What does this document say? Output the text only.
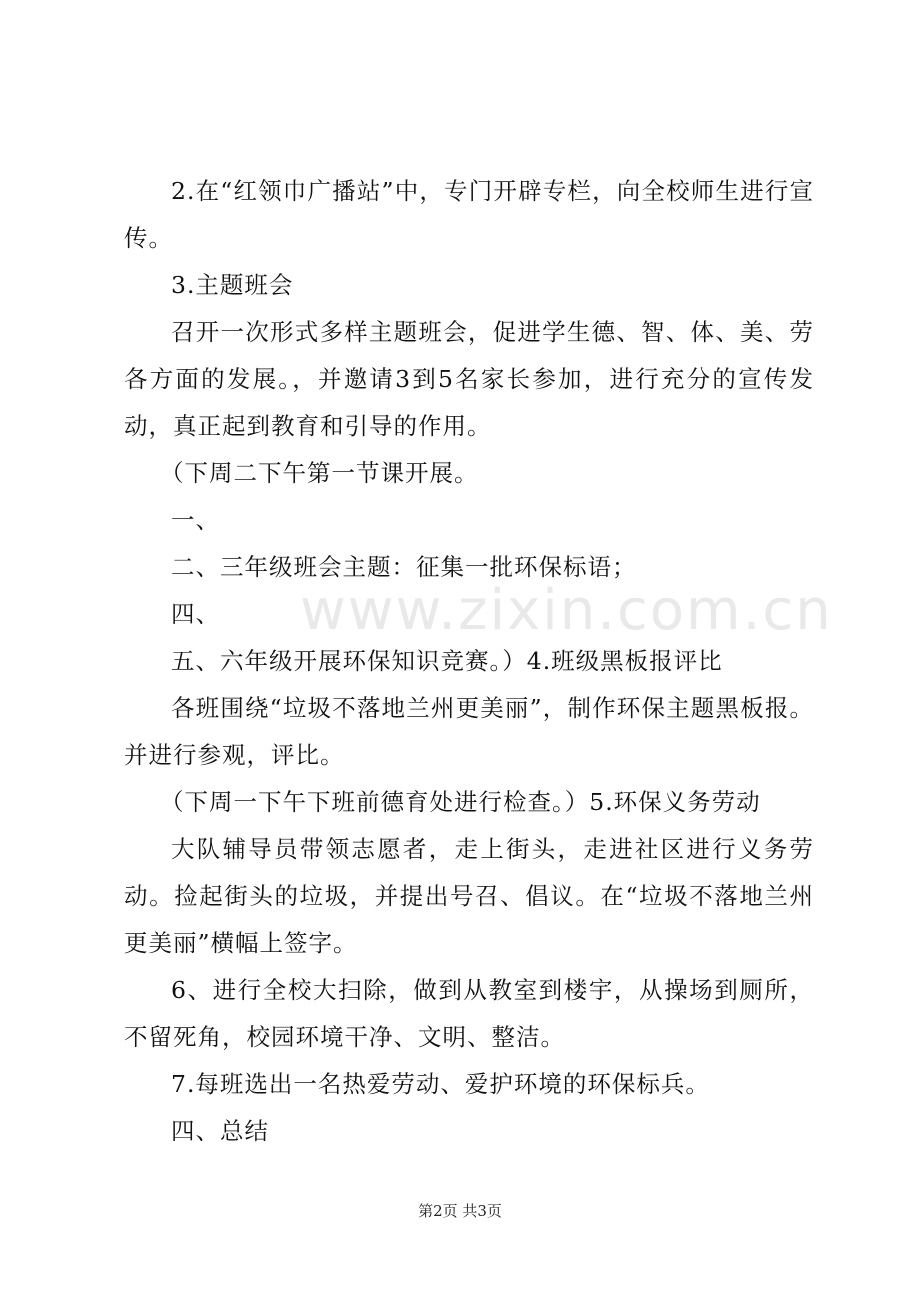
www.zixin.com.cn

2.在“红领巾广播站”中，专门开辟专栏，向全校师生进行宣传。

3.主题班会

召开一次形式多样主题班会，促进学生德、智、体、美、劳各方面的发展。，并邀请3到5名家长参加，进行充分的宣传发动，真正起到教育和引导的作用。

（下周二下午第一节课开展。

一、

二、三年级班会主题：征集一批环保标语；

四、

五、六年级开展环保知识竞赛。）4.班级黑板报评比

各班围绕“垃圾不落地兰州更美丽”，制作环保主题黑板报。并进行参观，评比。

（下周一下午下班前德育处进行检查。）5.环保义务劳动

大队辅导员带领志愿者，走上街头，走进社区进行义务劳动。捡起街头的垃圾，并提出号召、倡议。在“垃圾不落地兰州更美丽”横幅上签字。

6、进行全校大扫除，做到从教室到楼宇，从操场到厕所，不留死角，校园环境干净、文明、整洁。

7.每班选出一名热爱劳动、爱护环境的环保标兵。

四、总结

第2页 共3页
